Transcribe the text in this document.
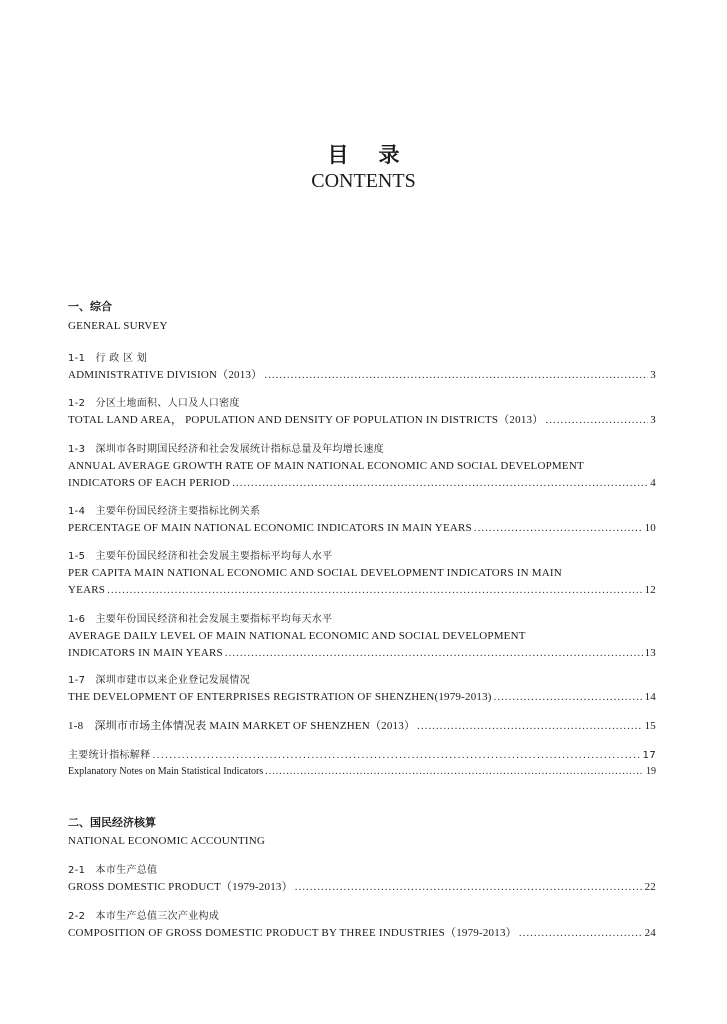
目录
CONTENTS
一、综合
GENERAL SURVEY
1-1　行 政 区 划
ADMINISTRATIVE DIVISION（2013） .....	3
1-2　分区土地面积、人口及人口密度
TOTAL LAND AREA， POPULATION AND DENSITY OF POPULATION IN DISTRICTS（2013） .....	3
1-3　深圳市各时期国民经济和社会发展统计指标总量及年均增长速度
ANNUAL AVERAGE GROWTH RATE OF MAIN NATIONAL ECONOMIC AND SOCIAL DEVELOPMENT
INDICATORS OF EACH PERIOD .....	4
1-4　主要年份国民经济主要指标比例关系
PERCENTAGE OF MAIN NATIONAL ECONOMIC INDICATORS IN MAIN YEARS .....	10
1-5　主要年份国民经济和社会发展主要指标平均每人水平
PER CAPITA MAIN NATIONAL ECONOMIC AND SOCIAL DEVELOPMENT INDICATORS IN MAIN
YEARS .....	12
1-6　主要年份国民经济和社会发展主要指标平均每天水平
AVERAGE DAILY LEVEL OF MAIN NATIONAL ECONOMIC AND SOCIAL DEVELOPMENT
INDICATORS IN MAIN YEARS .....	13
1-7　深圳市建市以来企业登记发展情况
THE DEVELOPMENT OF ENTERPRISES REGISTRATION OF SHENZHEN(1979-2013) .....	14
1-8　深圳市市场主体情况表 MAIN MARKET OF SHENZHEN（2013） .....	15
主要统计指标解释 .....	17
Explanatory Notes on Main Statistical Indicators .....	19
二、国民经济核算
NATIONAL ECONOMIC ACCOUNTING
2-1　本市生产总值
GROSS DOMESTIC PRODUCT（1979-2013） .....	22
2-2　本市生产总值三次产业构成
COMPOSITION OF GROSS DOMESTIC PRODUCT BY THREE INDUSTRIES（1979-2013） .....	24
